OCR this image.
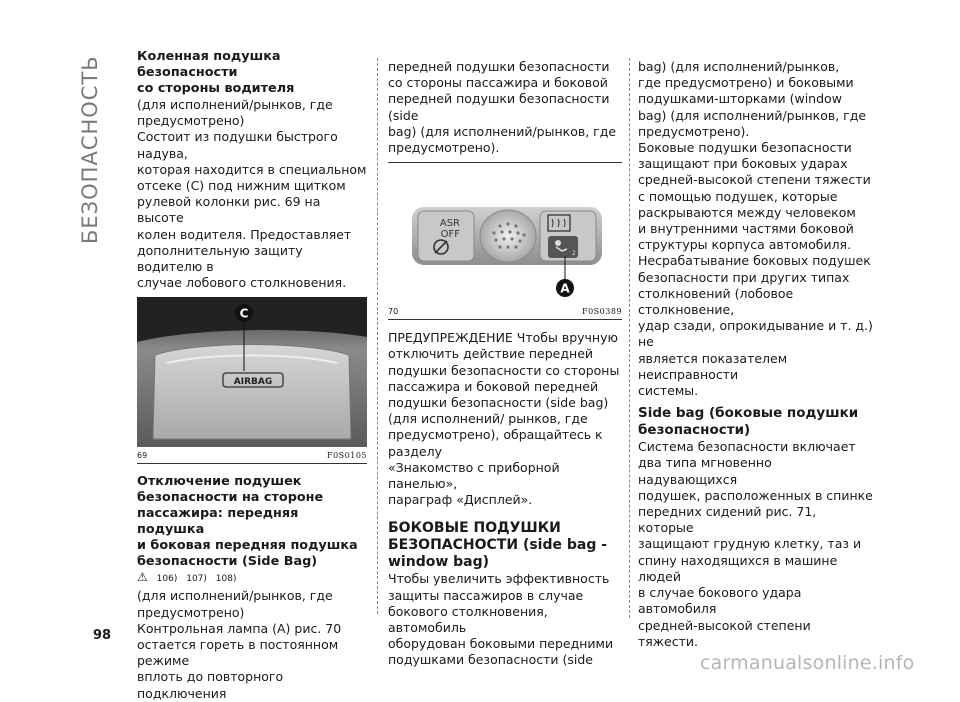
БЕЗОПАСНОСТЬ
98
carmanualsonline.info
Коленная подушка безопасности
со стороны водителя
(для исполнений/рынков, где
предусмотрено)
Состоит из подушки быстрого надува,
которая находится в специальном
отсеке (C) под нижним щитком
рулевой колонки рис. 69 на высоте
колен водителя. Предоставляет
дополнительную защиту водителю в
случае лобового столкновения.
AIRBAG
C
69	F0S0105
Отключение подушек
безопасности на стороне
пассажира: передняя подушка
и боковая передняя подушка
безопасности (Side Bag)
⚠ 106) 107) 108)
(для исполнений/рынков, где
предусмотрено)
Контрольная лампа (A) рис. 70
остается гореть в постоянном режиме
вплоть до повторного подключения
передней подушки безопасности
со стороны пассажира и боковой
передней подушки безопасности (side
bag) (для исполнений/рынков, где
предусмотрено).
ASR
OFF
2
A
70	F0S0389
ПРЕДУПРЕЖДЕНИЕ Чтобы вручную
отключить действие передней
подушки безопасности со стороны
пассажира и боковой передней
подушки безопасности (side bag)
(для исполнений/ рынков, где
предусмотрено), обращайтесь к разделу
«Знакомство с приборной панелью»,
параграф «Дисплей».
БОКОВЫЕ ПОДУШКИ
БЕЗОПАСНОСТИ (side bag -
window bag)
Чтобы увеличить эффективность
защиты пассажиров в случае
бокового столкновения, автомобиль
оборудован боковыми передними
подушками безопасности (side
bag) (для исполнений/рынков,
где предусмотрено) и боковыми
подушками-шторками (window
bag) (для исполнений/рынков, где
предусмотрено).
Боковые подушки безопасности
защищают при боковых ударах
средней-высокой степени тяжести
с помощью подушек, которые
раскрываются между человеком
и внутренними частями боковой
структуры корпуса автомобиля.
Несрабатывание боковых подушек
безопасности при других типах
столкновений (лобовое столкновение,
удар сзади, опрокидывание и т. д.) не
является показателем неисправности
системы.
Side bag (боковые подушки
безопасности)
Система безопасности включает
два типа мгновенно надувающихся
подушек, расположенных в спинке
передних сидений рис. 71, которые
защищают грудную клетку, таз и
спину находящихся в машине людей
в случае бокового удара автомобиля
средней-высокой степени тяжести.
